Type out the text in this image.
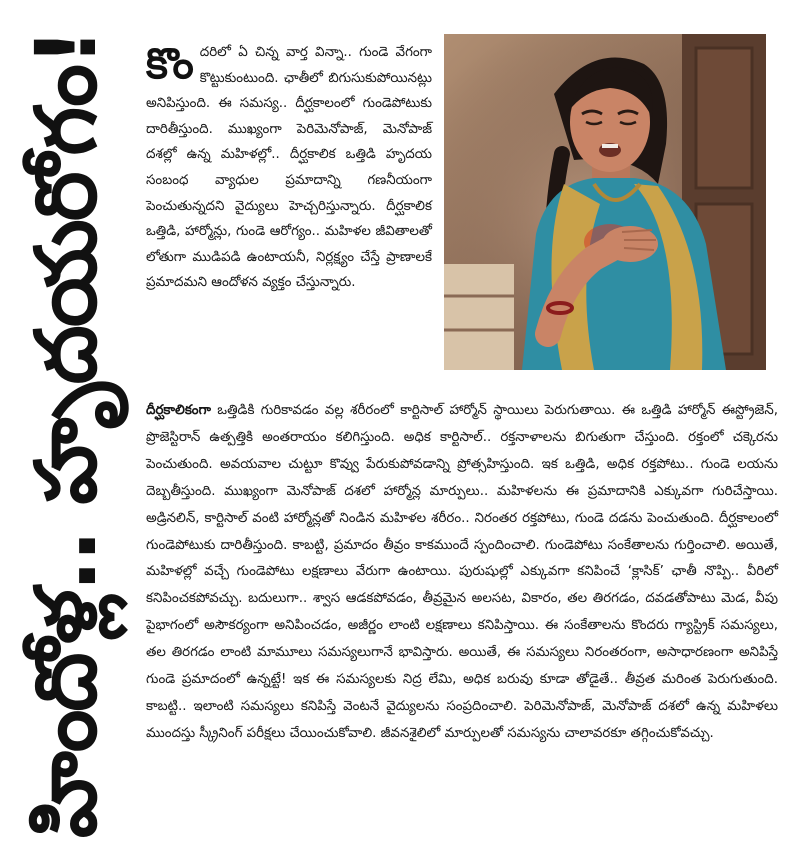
హిందోళ్ల.. హృదయరోగం! కొందరిలో ఏ చిన్న వార్త విన్నా.. గుండె వేగంగా కొట్టుకుంటుంది. ఛాతీలో బిగుసుకుపోయినట్లు అనిపిస్తుంది. ఈ సమస్య.. దీర్ఘకాలంలో గుండెపోటుకు దారితీస్తుంది. ముఖ్యంగా పెరిమెనోపాజ్, మెనోపాజ్ దశల్లో ఉన్న మహిళల్లో.. దీర్ఘకాలిక ఒత్తిడి హృదయ సంబంధ వ్యాధుల ప్రమాదాన్ని గణనీయంగా పెంచుతున్నదని వైద్యులు హెచ్చరిస్తున్నారు. దీర్ఘకాలిక ఒత్తిడి, హార్మోన్లు, గుండె ఆరోగ్యం.. మహిళల జీవితాలతో లోతుగా ముడిపడి ఉంటాయనీ, నిర్లక్ష్యం చేస్తే ప్రాణాలకే ప్రమాదమని ఆందోళన వ్యక్తం చేస్తున్నారు.
దీర్ఘకాలికంగా ఒత్తిడికి గురికావడం వల్ల శరీరంలో కార్టిసాల్ హార్మోన్ స్థాయిలు పెరుగుతాయి. ఈ ఒత్తిడి హార్మోన్ ఈస్ట్రోజెన్, ప్రొజెస్టిరాన్ ఉత్పత్తికి అంతరాయం కలిగిస్తుంది. అధిక కార్టిసాల్.. రక్తనాళాలను బిగుతుగా చేస్తుంది. రక్తంలో చక్కెరను పెంచుతుంది. అవయవాల చుట్టూ కొవ్వు పేరుకుపోవడాన్ని ప్రోత్సహిస్తుంది. ఇక ఒత్తిడి, అధిక రక్తపోటు.. గుండె లయను దెబ్బతీస్తుంది. ముఖ్యంగా మెనోపాజ్ దశలో హార్మోన్ల మార్పులు.. మహిళలను ఈ ప్రమాదానికి ఎక్కువగా గురిచేస్తాయి. అడ్రినలిన్, కార్టిసాల్ వంటి హార్మోన్లతో నిండిన మహిళల శరీరం.. నిరంతర రక్తపోటు, గుండె దడను పెంచుతుంది. దీర్ఘకాలంలో గుండెపోటుకు దారితీస్తుంది. కాబట్టి, ప్రమాదం తీవ్రం కాకముందే స్పందించాలి. గుండెపోటు సంకేతాలను గుర్తించాలి. అయితే, మహిళల్లో వచ్చే గుండెపోటు లక్షణాలు వేరుగా ఉంటాయి. పురుషుల్లో ఎక్కువగా కనిపించే ‘క్లాసిక్’ ఛాతీ నొప్పి.. వీరిలో కనిపించకపోవచ్చు. బదులుగా.. శ్వాస ఆడకపోవడం, తీవ్రమైన అలసట, వికారం, తల తిరగడం, దవడతోపాటు మెడ, వీపు పైభాగంలో అసౌకర్యంగా అనిపించడం, అజీర్ణం లాంటి లక్షణాలు కనిపిస్తాయి. ఈ సంకేతాలను కొందరు గ్యాస్ట్రిక్ సమస్యలు, తల తిరగడం లాంటి మామూలు సమస్యలుగానే భావిస్తారు. అయితే, ఈ సమస్యలు నిరంతరంగా, అసాధారణంగా అనిపిస్తే గుండె ప్రమాదంలో ఉన్నట్టే! ఇక ఈ సమస్యలకు నిద్ర లేమి, అధిక బరువు కూడా తోడైతే.. తీవ్రత మరింత పెరుగుతుంది. కాబట్టి.. ఇలాంటి సమస్యలు కనిపిస్తే వెంటనే వైద్యులను సంప్రదించాలి. పెరిమెనోపాజ్, మెనోపాజ్ దశలో ఉన్న మహిళలు ముందస్తు స్క్రీనింగ్ పరీక్షలు చేయించుకోవాలి. జీవనశైలిలో మార్పులతో సమస్యను చాలావరకూ తగ్గించుకోవచ్చు.
